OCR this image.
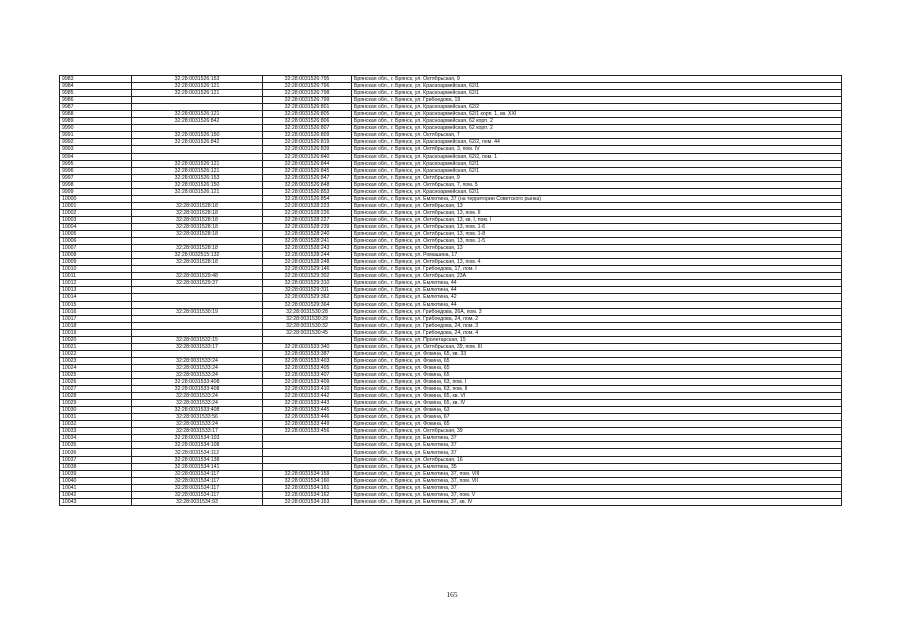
9983	32:28:0031526:153	32:28:0031526:795	Брянская обл., г. Брянск, ул. Октябрьская, 9
9984	32:28:0031526:121	32:28:0031526:796	Брянская обл., г. Брянск, ул. Красноармейская, 62/1
9985	32:28:0031526:121	32:28:0031526:798	Брянская обл., г. Брянск, ул. Красноармейская, 62/1
9986		32:28:0031526:799	Брянская обл., г. Брянск, ул. Грибоедова, 19
9987		32:28:0031526:801	Брянская обл., г. Брянск, ул. Красноармейская, 62/2
9988	32:28:0031526:121	32:28:0031526:805	Брянская обл., г. Брянск, ул. Красноармейская, 62/1 корп. 1, кв. XXI
9989	32:28:0031526:842	32:28:0031526:806	Брянская обл., г. Брянск, ул. Красноармейская, 62 корп. 2
9990		32:28:0031526:807	Брянская обл., г. Брянск, ул. Красноармейская, 62 корп. 2
9991	32:28:0031526:150	32:28:0031526:809	Брянская обл., г. Брянск, ул. Октябрьская, 7
9992	32:28:0031526:842	32:28:0031526:819	Брянская обл., г. Брянск, ул. Красноармейская, 62/2, пом. 44
9993		32:28:0031526:839	Брянская обл., г. Брянск, ул. Октябрьская, 3, пом. IV
9994		32:28:0031526:840	Брянская обл., г. Брянск, ул. Красноармейская, 62/2, пом. 1
9995	32:28:0031526:121	32:28:0031526:844	Брянская обл., г. Брянск, ул. Красноармейская, 62/1
9996	32:28:0031526:121	32:28:0031526:845	Брянская обл., г. Брянск, ул. Красноармейская, 62/1
9997	32:28:0031526:153	32:28:0031526:847	Брянская обл., г. Брянск, ул. Октябрьская, 9
9998	32:28:0031526:150	32:28:0031526:848	Брянская обл., г. Брянск, ул. Октябрьская, 7, пом. 5
9999	32:28:0031526:121	32:28:0031526:853	Брянская обл., г. Брянск, ул. Красноармейская, 62/1
10000		32:28:0031526:854	Брянская обл., г. Брянск, ул. Емлютина, 37 (на территории Советского рынка)
10001	32:28:0031528:18	32:28:0031528:223	Брянская обл., г. Брянск, ул. Октябрьская, 13
10002	32:28:0031528:18	32:28:0031528:226	Брянская обл., г. Брянск, ул. Октябрьская, 13, пом. II
10003	32:28:0031528:18	32:28:0031528:227	Брянская обл., г. Брянск, ул. Октябрьская, 13, кв. I, пом. I
10004	32:28:0031528:18	32:28:0031528:239	Брянская обл., г. Брянск, ул. Октябрьская, 13, пом. 1-6
10005	32:28:0031528:18	32:28:0031528:240	Брянская обл., г. Брянск, ул. Октябрьская, 13, пом. 1-8
10006		32:28:0031528:241	Брянская обл., г. Брянск, ул. Октябрьская, 13, пом. 1-5
10007	32:28:0031528:18	32:28:0031528:243	Брянская обл., г. Брянск, ул. Октябрьская, 13
10008	32:28:0032515:132	32:28:0031528:244	Брянская обл., г. Брянск, ул. Ромашина, 17
10009	32:28:0031528:18	32:28:0031528:248	Брянская обл., г. Брянск, ул. Октябрьская, 13, пом. 4
10010		32:28:0031529:146	Брянская обл., г. Брянск, ул. Грибоедова, 17, пом. I
10011	32:28:0031529:48	32:28:0031529:302	Брянская обл., г. Брянск, ул. Октябрьская, 23А
10012	32:28:0031529:37	32:28:0031529:310	Брянская обл., г. Брянск, ул. Емлютина, 44
10013		32:28:0031529:311	Брянская обл., г. Брянск, ул. Емлютина, 44
10014		32:28:0031529:362	Брянская обл., г. Брянск, ул. Емлютина, 42
10015		32:28:0031529:364	Брянская обл., г. Брянск, ул. Емлютина, 44
10016	32:28:0031530:19	32:28:0031530:28	Брянская обл., г. Брянск, ул. Грибоедова, 26А, пом. 3
10017		32:28:0031530:29	Брянская обл., г. Брянск, ул. Грибоедова, 24, пом. 2
10018		32:28:0031530:32	Брянская обл., г. Брянск, ул. Грибоедова, 24, пом. 3
10019		32:28:0031530:45	Брянская обл., г. Брянск, ул. Грибоедова, 24, пом. 4
10020	32:28:0031532:15		Брянская обл., г. Брянск, ул. Пролетарская, 15
10021	32:28:0031533:17	32:28:0031533:340	Брянская обл., г. Брянск, ул. Октябрьская, 39, пом. III
10022		32:28:0031533:387	Брянская обл., г. Брянск, ул. Фокина, 65, кв. 33
10023	32:28:0031533:24	32:28:0031533:403	Брянская обл., г. Брянск, ул. Фокина, 65
10024	32:28:0031533:24	32:28:0031533:405	Брянская обл., г. Брянск, ул. Фокина, 65
10025	32:28:0031533:24	32:28:0031533:407	Брянская обл., г. Брянск, ул. Фокина, 65
10026	32:28:0031533:408	32:28:0031533:409	Брянская обл., г. Брянск, ул. Фокина, 63, пом. I
10027	32:28:0031533:408	32:28:0031533:410	Брянская обл., г. Брянск, ул. Фокина, 63, пом. II
10028	32:28:0031533:24	32:28:0031533:442	Брянская обл., г. Брянск, ул. Фокина, 65, кв. VI
10029	32:28:0031533:24	32:28:0031533:443	Брянская обл., г. Брянск, ул. Фокина, 65, кв. IV
10030	32:28:0031533:408	32:28:0031533:445	Брянская обл., г. Брянск, ул. Фокина, 63
10031	32:28:0031533:56	32:28:0031533:446	Брянская обл., г. Брянск, ул. Фокина, 67
10032	32:28:0031533:24	32:28:0031533:449	Брянская обл., г. Брянск, ул. Фокина, 65
10033	32:28:0031533:17	32:28:0031533:456	Брянская обл., г. Брянск, ул. Октябрьская, 39
10034	32:28:0031534:103		Брянская обл., г. Брянск, ул. Емлютина, 37
10035	32:28:0031534:108		Брянская обл., г. Брянск, ул. Емлютина, 37
10036	32:28:0031534:112		Брянская обл., г. Брянск, ул. Емлютина, 37
10037	32:28:0031534:138		Брянская обл., г. Брянск, ул. Октябрьская, 16
10038	32:28:0031534:141		Брянская обл., г. Брянск, ул. Емлютина, 35
10039	32:28:0031534:117	32:28:0031534:159	Брянская обл., г. Брянск, ул. Емлютина, 37, пом. VIII
10040	32:28:0031534:117	32:28:0031534:160	Брянская обл., г. Брянск, ул. Емлютина, 37, пом. VII
10041	32:28:0031534:117	32:28:0031534:161	Брянская обл., г. Брянск, ул. Емлютина, 37
10042	32:28:0031534:117	32:28:0031534:162	Брянская обл., г. Брянск, ул. Емлютина, 37, пом. V
10043	32:28:0031534:93	32:28:0031534:163	Брянская обл., г. Брянск, ул. Емлютина, 37, кв. IV
165
